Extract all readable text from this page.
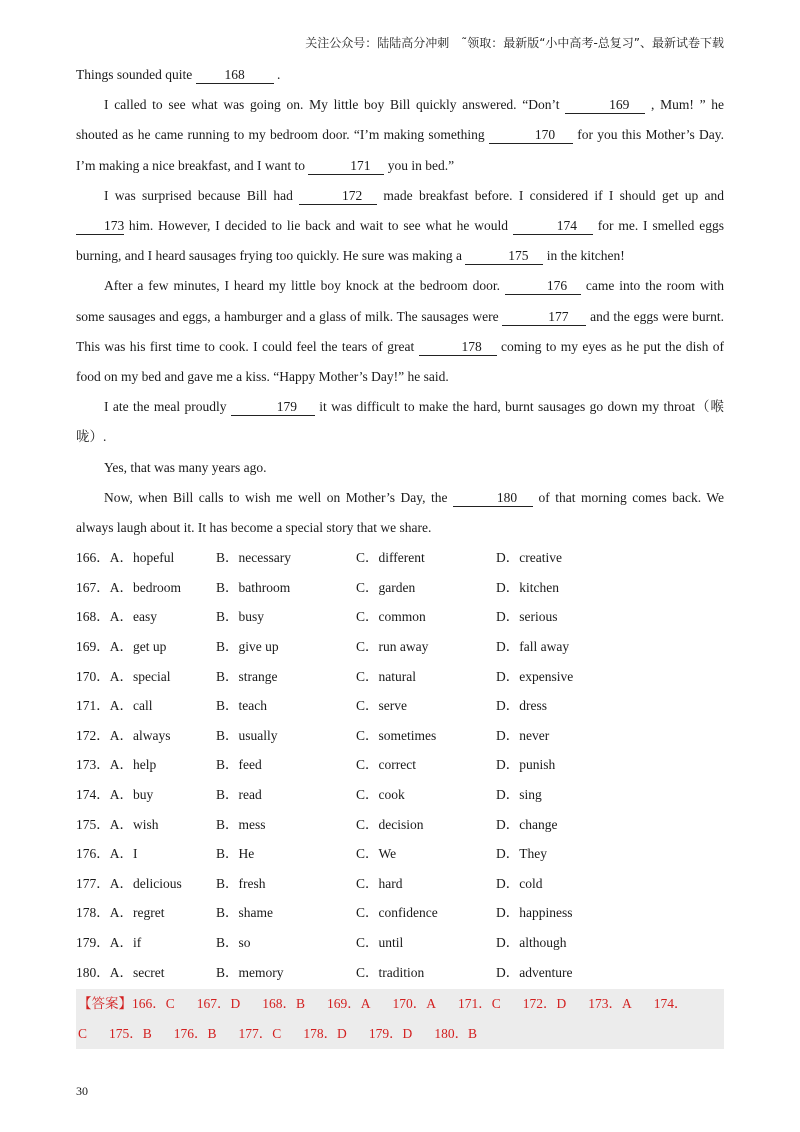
关注公众号：陆陆高分冲刺　˜领取：最新版“小中高考-总复习”、最新试卷下载

Things sounded quite 168 .

I called to see what was going on. My little boy Bill quickly answered. “Don’t	169 , Mum! ” he shouted as he came running to my bedroom door. “I’m making something	170 for you this Mother’s Day. I’m making a nice breakfast, and I want to	171 you in bed.”

I was surprised because Bill had	172 made breakfast before. I considered if I should get up and 173 him. However, I decided to lie back and wait to see what he would	174 for me. I smelled eggs burning, and I heard sausages frying too quickly. He sure was making a	175 in the kitchen!

After a few minutes, I heard my little boy knock at the bedroom door.	176 came into the room with some sausages and eggs, a hamburger and a glass of milk. The sausages were	177 and the eggs were burnt. This was his first time to cook. I could feel the tears of great	178 coming to my eyes as he put the dish of food on my bed and gave me a kiss. “Happy Mother’s Day!” he said.

I ate the meal proudly	179 it was difficult to make the hard, burnt sausages go down my throat（喉咙）.

Yes, that was many years ago.

Now, when Bill calls to wish me well on Mother’s Day, the	180 of that morning comes back. We always laugh about it. It has become a special story that we share.

166．A．hopeful	B．necessary	C．different	D．creative
167．A．bedroom	B．bathroom	C．garden	D．kitchen
168．A．easy	B．busy	C．common	D．serious
169．A．get up	B．give up	C．run away	D．fall away
170．A．special	B．strange	C．natural	D．expensive
171．A．call	B．teach	C．serve	D．dress
172．A．always	B．usually	C．sometimes	D．never
173．A．help	B．feed	C．correct	D．punish
174．A．buy	B．read	C．cook	D．sing
175．A．wish	B．mess	C．decision	D．change
176．A．I	B．He	C．We	D．They
177．A．delicious	B．fresh	C．hard	D．cold
178．A．regret	B．shame	C．confidence	D．happiness
179．A．if	B．so	C．until	D．although
180．A．secret	B．memory	C．tradition	D．adventure
【答案】166．C 167．D 168．B 169．A 170．A 171．C 172．D 173．A 174．C 175．B 176．B 177．C 178．D 179．D 180．B
30
